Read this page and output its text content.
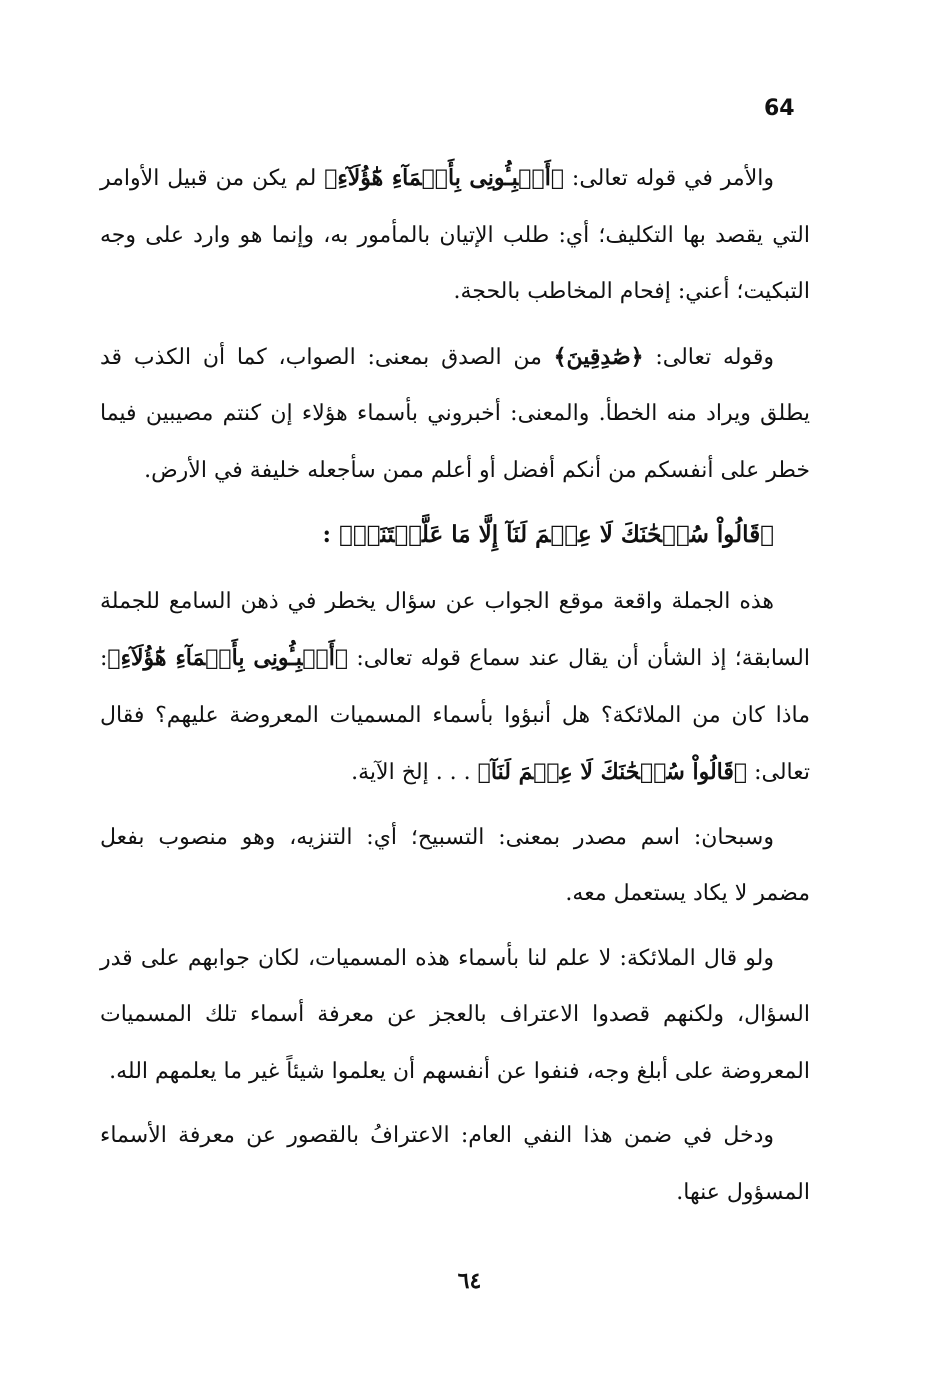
64

والأمر في قوله تعالى: ﴿أَنۢبِـُٔونِى بِأَسۡمَآءِ هَٰٓؤُلَآءِ﴾ لم يكن من قبيل الأوامر التي يقصد بها التكليف؛ أي: طلب الإتيان بالمأمور به، وإنما هو وارد على وجه التبكيت؛ أعني: إفحام المخاطب بالحجة.

وقوله تعالى: ﴿صَٰدِقِينَ﴾ من الصدق بمعنى: الصواب، كما أن الكذب قد يطلق ويراد منه الخطأ. والمعنى: أخبروني بأسماء هؤلاء إن كنتم مصيبين فيما خطر على أنفسكم من أنكم أفضل أو أعلم ممن سأجعله خليفة في الأرض.

﴿قَالُواْ سُبۡحَٰنَكَ لَا عِلۡمَ لَنَآ إِلَّا مَا عَلَّمۡتَنَآۖ﴾ :

هذه الجملة واقعة موقع الجواب عن سؤال يخطر في ذهن السامع للجملة السابقة؛ إذ الشأن أن يقال عند سماع قوله تعالى: ﴿أَنۢبِـُٔونِى بِأَسۡمَآءِ هَٰٓؤُلَآءِ﴾: ماذا كان من الملائكة؟ هل أنبؤوا بأسماء المسميات المعروضة عليهم؟ فقال تعالى: ﴿قَالُواْ سُبۡحَٰنَكَ لَا عِلۡمَ لَنَآ﴾ . . . إلخ الآية.

وسبحان: اسم مصدر بمعنى: التسبيح؛ أي: التنزيه، وهو منصوب بفعل مضمر لا يكاد يستعمل معه.

ولو قال الملائكة: لا علم لنا بأسماء هذه المسميات، لكان جوابهم على قدر السؤال، ولكنهم قصدوا الاعتراف بالعجز عن معرفة أسماء تلك المسميات المعروضة على أبلغ وجه، فنفوا عن أنفسهم أن يعلموا شيئاً غير ما يعلمهم الله.

ودخل في ضمن هذا النفي العام: الاعترافُ بالقصور عن معرفة الأسماء المسؤول عنها.

٦٤
